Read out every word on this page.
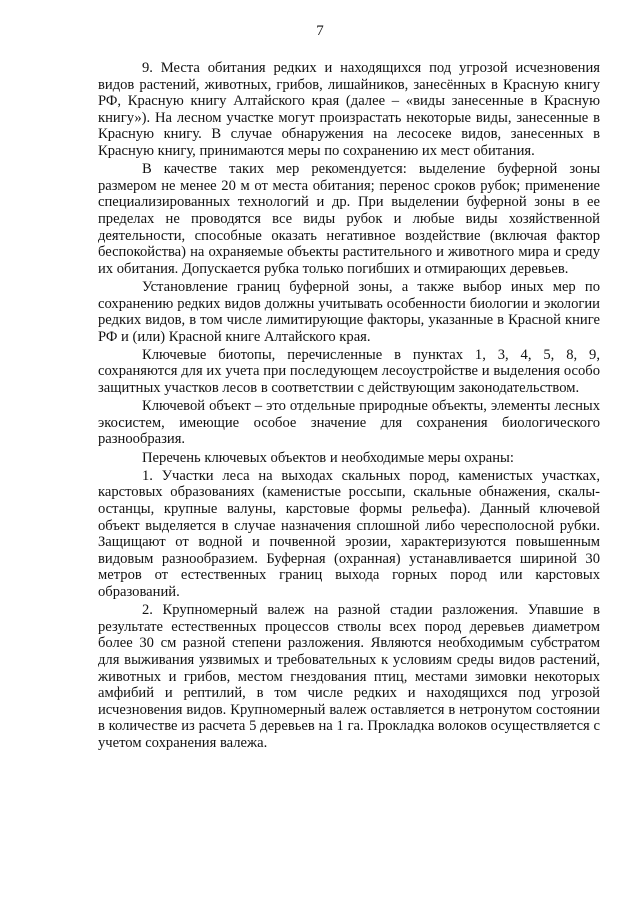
7

9. Места обитания редких и находящихся под угрозой исчезновения видов растений, животных, грибов, лишайников, занесённых в Красную книгу РФ, Красную книгу Алтайского края (далее – «виды занесенные в Красную книгу»). На лесном участке могут произрастать некоторые виды, занесенные в Красную книгу. В случае обнаружения на лесосеке видов, занесенных в Красную книгу, принимаются меры по сохранению их мест обитания.

В качестве таких мер рекомендуется: выделение буферной зоны размером не менее 20 м от места обитания; перенос сроков рубок; применение специализированных технологий и др. При выделении буферной зоны в ее пределах не проводятся все виды рубок и любые виды хозяйственной деятельности, способные оказать негативное воздействие (включая фактор беспокойства) на охраняемые объекты растительного и животного мира и среду их обитания. Допускается рубка только погибших и отмирающих деревьев.

Установление границ буферной зоны, а также выбор иных мер по сохранению редких видов должны учитывать особенности биологии и экологии редких видов, в том числе лимитирующие факторы, указанные в Красной книге РФ и (или) Красной книге Алтайского края.

Ключевые биотопы, перечисленные в пунктах 1, 3, 4, 5, 8, 9, сохраняются для их учета при последующем лесоустройстве и выделения особо защитных участков лесов в соответствии с действующим законодательством.

Ключевой объект – это отдельные природные объекты, элементы лесных экосистем, имеющие особое значение для сохранения биологического разнообразия.

Перечень ключевых объектов и необходимые меры охраны:

1. Участки леса на выходах скальных пород, каменистых участках, карстовых образованиях (каменистые россыпи, скальные обнажения, скалы-останцы, крупные валуны, карстовые формы рельефа). Данный ключевой объект выделяется в случае назначения сплошной либо чересполосной рубки. Защищают от водной и почвенной эрозии, характеризуются повышенным видовым разнообразием. Буферная (охранная) устанавливается шириной 30 метров от естественных границ выхода горных пород или карстовых образований.

2. Крупномерный валеж на разной стадии разложения. Упавшие в результате естественных процессов стволы всех пород деревьев диаметром более 30 см разной степени разложения. Являются необходимым субстратом для выживания уязвимых и требовательных к условиям среды видов растений, животных и грибов, местом гнездования птиц, местами зимовки некоторых амфибий и рептилий, в том числе редких и находящихся под угрозой исчезновения видов. Крупномерный валеж оставляется в нетронутом состоянии в количестве из расчета 5 деревьев на 1 га. Прокладка волоков осуществляется с учетом сохранения валежа.
